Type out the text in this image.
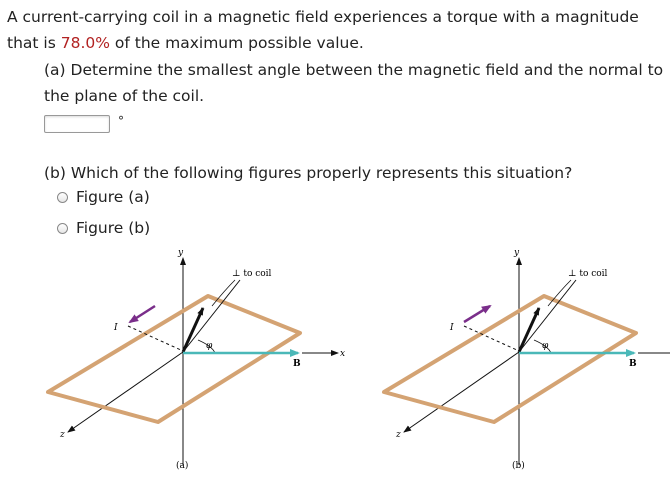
A current-carrying coil in a magnetic field experiences a torque with a magnitude that is 78.0% of the maximum possible value.
(a) Determine the smallest angle between the magnetic field and the normal to the plane of the coil.
°
(b) Which of the following figures properly represents this situation?
Figure (a)
Figure (b)
z
y
⊥ to coil
φ
B
x
I
(a)
z
y
⊥ to coil
φ
B
I
(b)
